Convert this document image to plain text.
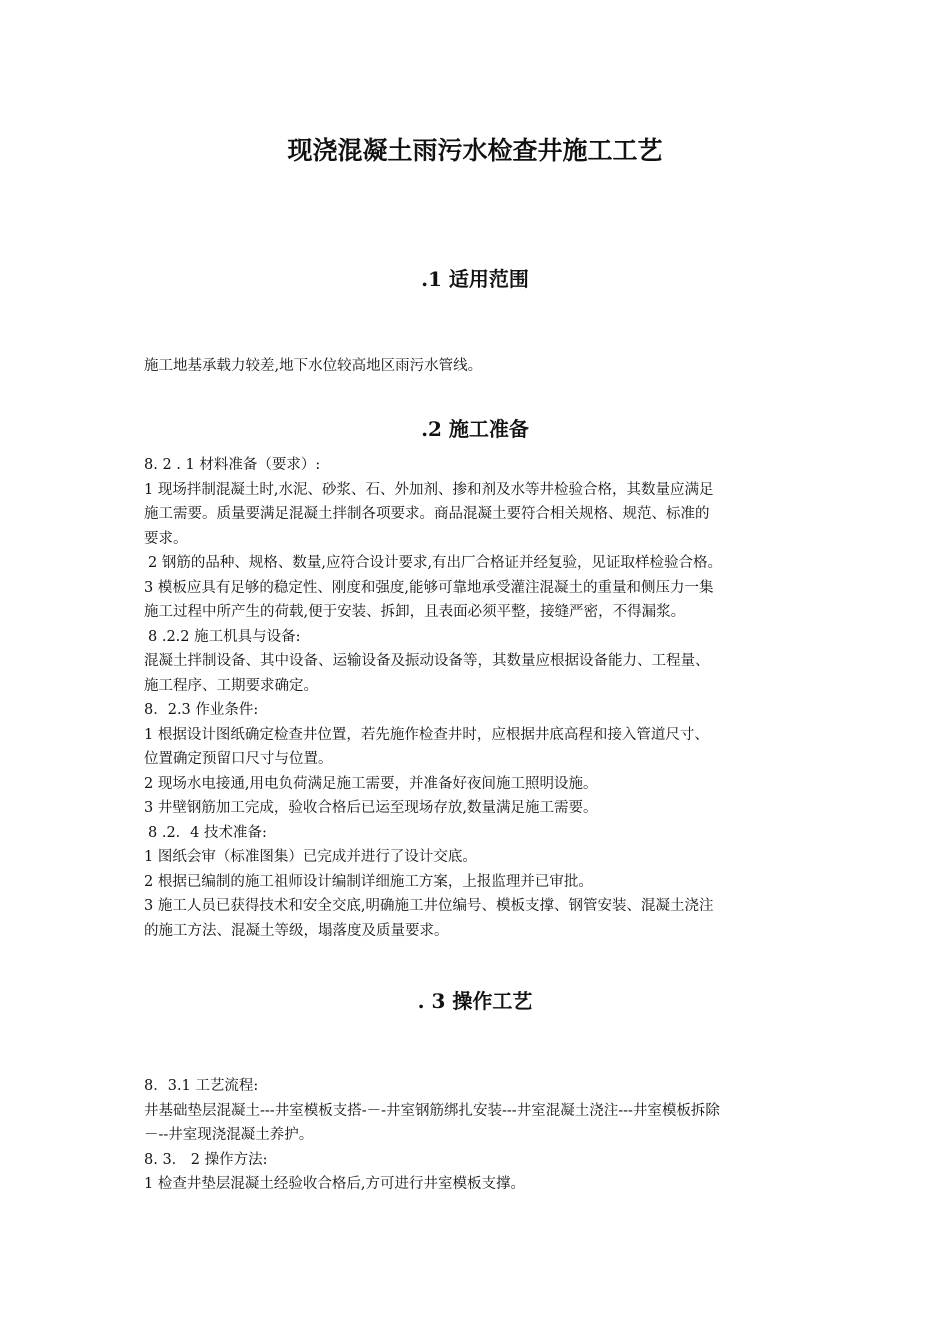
现浇混凝土雨污水检查井施工工艺
.1 适用范围

施工地基承载力较差,地下水位较高地区雨污水管线。

.2 施工准备

8. 2 . 1 材料准备（要求）:

1 现场拌制混凝土时,水泥、砂浆、石、外加剂、掺和剂及水等井检验合格，其数量应满足

施工需要。质量要满足混凝土拌制各项要求。商品混凝土要符合相关规格、规范、标准的

要求。

2 钢筋的品种、规格、数量,应符合设计要求,有出厂合格证并经复验，见证取样检验合格。

3 模板应具有足够的稳定性、刚度和强度,能够可靠地承受灌注混凝土的重量和侧压力一集

施工过程中所产生的荷载,便于安装、拆卸，且表面必须平整，接缝严密，不得漏浆。

8 .2.2 施工机具与设备:

混凝土拌制设备、其中设备、运输设备及振动设备等，其数量应根据设备能力、工程量、

施工程序、工期要求确定。

8．2.3 作业条件:

1 根据设计图纸确定检查井位置，若先施作检查井时，应根据井底高程和接入管道尺寸、

位置确定预留口尺寸与位置。

2 现场水电接通,用电负荷满足施工需要，并准备好夜间施工照明设施。

3 井壁钢筋加工完成，验收合格后已运至现场存放,数量满足施工需要。

8 .2．4 技术准备:

1 图纸会审（标准图集）已完成并进行了设计交底。

2 根据已编制的施工祖师设计编制详细施工方案，上报监理并已审批。

3 施工人员已获得技术和安全交底,明确施工井位编号、模板支撑、钢管安装、混凝土浇注

的施工方法、混凝土等级，塌落度及质量要求。

. 3 操作工艺

8．3.1 工艺流程:

井基础垫层混凝土---井室模板支搭-－-井室钢筋绑扎安装---井室混凝土浇注---井室模板拆除

－--井室现浇混凝土养护。

8. 3． 2 操作方法:

1 检查井垫层混凝土经验收合格后,方可进行井室模板支撑。
